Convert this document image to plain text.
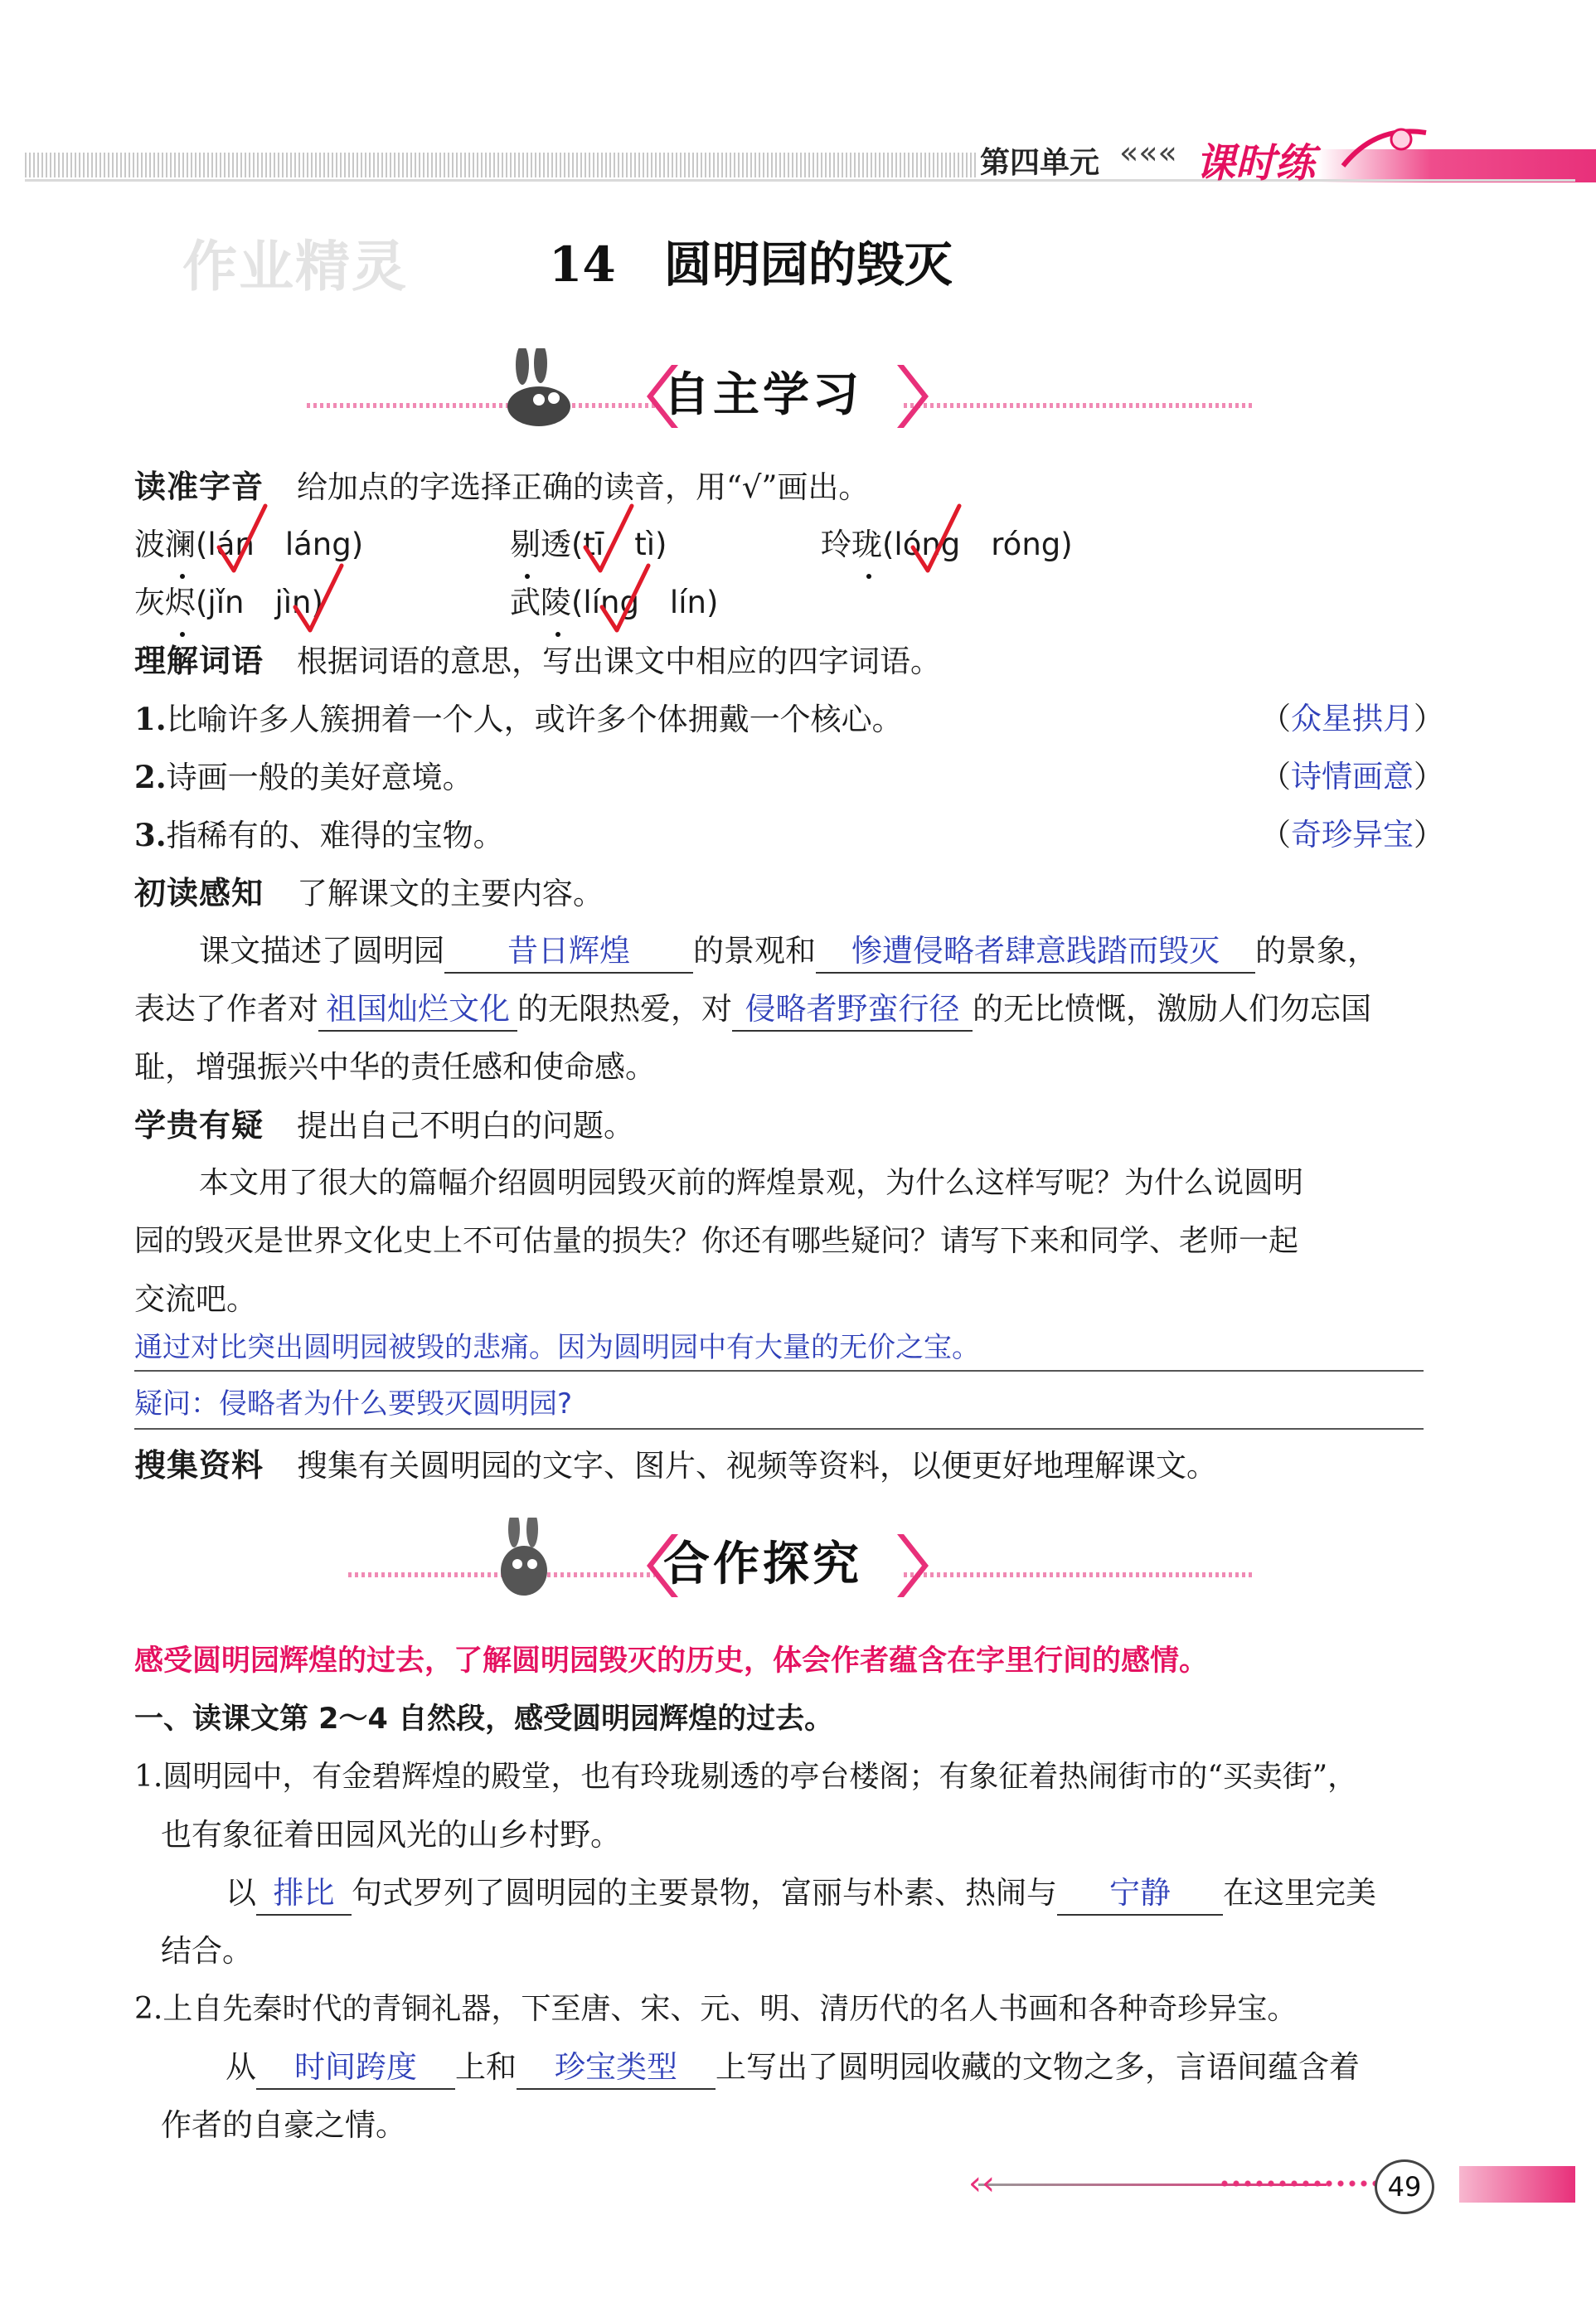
第四单元 ««« 课时练
作业精灵	14 圆明园的毁灭
自主学习
读准字音 给加点的字选择正确的读音，用“√”画出。
波澜(lán　láng)	剔透(tī　tì)	玲珑(lóng　róng)
灰烬(jǐn　jìn)	武陵(líng　lín)
理解词语 根据词语的意思，写出课文中相应的四字词语。
1.比喻许多人簇拥着一个人，或许多个体拥戴一个核心。	（众星拱月）
2.诗画一般的美好意境。	（诗情画意）
3.指稀有的、难得的宝物。	（奇珍异宝）
初读感知 了解课文的主要内容。
课文描述了圆明园 昔日辉煌 的景观和 惨遭侵略者肆意践踏而毁灭 的景象，
表达了作者对 祖国灿烂文化 的无限热爱，对 侵略者野蛮行径 的无比愤慨，激励人们勿忘国
耻，增强振兴中华的责任感和使命感。
学贵有疑 提出自己不明白的问题。
本文用了很大的篇幅介绍圆明园毁灭前的辉煌景观，为什么这样写呢？为什么说圆明
园的毁灭是世界文化史上不可估量的损失？你还有哪些疑问？请写下来和同学、老师一起
交流吧。
通过对比突出圆明园被毁的悲痛。因为圆明园中有大量的无价之宝。
疑问：侵略者为什么要毁灭圆明园?
搜集资料 搜集有关圆明园的文字、图片、视频等资料，以便更好地理解课文。
合作探究
感受圆明园辉煌的过去，了解圆明园毁灭的历史，体会作者蕴含在字里行间的感情。
一、读课文第 2～4 自然段，感受圆明园辉煌的过去。
1.圆明园中，有金碧辉煌的殿堂，也有玲珑剔透的亭台楼阁；有象征着热闹街市的“买卖街”，
也有象征着田园风光的山乡村野。
以 排比 句式罗列了圆明园的主要景物，富丽与朴素、热闹与 宁静 在这里完美
结合。
2.上自先秦时代的青铜礼器，下至唐、宋、元、明、清历代的名人书画和各种奇珍异宝。
从 时间跨度 上和 珍宝类型 上写出了圆明园收藏的文物之多，言语间蕴含着
作者的自豪之情。
‹‹	49
